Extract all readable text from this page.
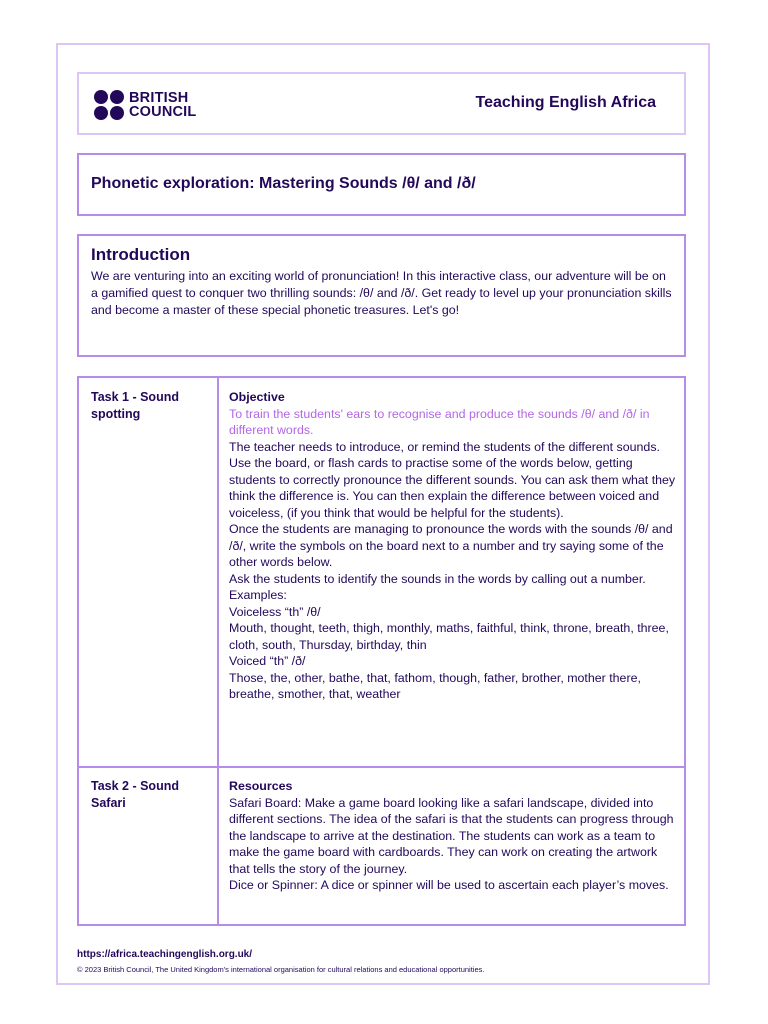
BRITISH
COUNCIL
Teaching English Africa
Phonetic exploration: Mastering Sounds /θ/ and /ð/
Introduction

We are venturing into an exciting world of pronunciation! In this interactive class, our adventure will be on a gamified quest to conquer two thrilling sounds: /θ/ and /ð/. Get ready to level up your pronunciation skills and become a master of these special phonetic treasures. Let's go!

Task 1 - Sound spotting
Objective
To train the students' ears to recognise and produce the sounds /θ/ and /ð/ in different words.
The teacher needs to introduce, or remind the students of the different sounds.
Use the board, or flash cards to practise some of the words below, getting students to correctly pronounce the different sounds. You can ask them what they think the difference is. You can then explain the difference between voiced and voiceless, (if you think that would be helpful for the students).
Once the students are managing to pronounce the words with the sounds /θ/ and /ð/, write the symbols on the board next to a number and try saying some of the other words below.
Ask the students to identify the sounds in the words by calling out a number.
Examples:
Voiceless “th” /θ/
Mouth, thought, teeth, thigh, monthly, maths, faithful, think, throne, breath, three, cloth, south, Thursday, birthday, thin
Voiced “th” /ð/
Those, the, other, bathe, that, fathom, though, father, brother, mother there, breathe, smother, that, weather
Task 2 - Sound Safari
Resources
Safari Board: Make a game board looking like a safari landscape, divided into different sections. The idea of the safari is that the students can progress through the landscape to arrive at the destination. The students can work as a team to make the game board with cardboards. They can work on creating the artwork that tells the story of the journey.
Dice or Spinner: A dice or spinner will be used to ascertain each player’s moves.
https://africa.teachingenglish.org.uk/
© 2023 British Council, The United Kingdom's international organisation for cultural relations and educational opportunities.
